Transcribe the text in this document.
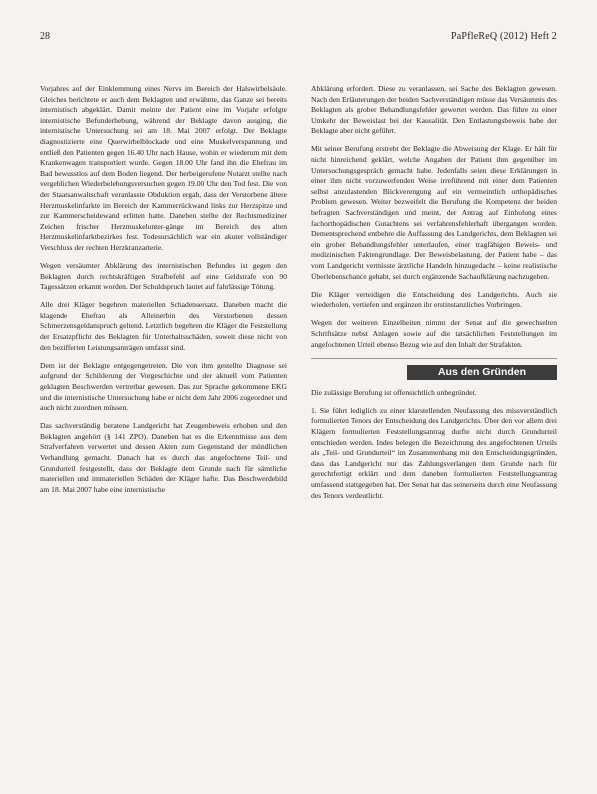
28	PaPfleReQ (2012) Heft 2

Vorjahres auf der Einklemmung eines Nervs im Bereich der Halswirbelsäule. Gleiches berichtete er auch dem Beklagten und erwähnte, das Ganze sei bereits internistisch abgeklärt. Damit meinte der Patient eine im Vorjahr erfolgte internistische Befunderhebung, während der Beklagte davon ausging, die internistische Untersuchung sei am 18. Mai 2007 erfolgt. Der Beklagte diagnostizierte eine Querwirbelblockade und eine Muskelverspannung und entließ den Patienten gegen 16.40 Uhr nach Hause, wohin er wiederum mit dem Krankenwagen transportiert wurde. Gegen 18.00 Uhr fand ihn die Ehefrau im Bad bewusstlos auf dem Boden liegend. Der herbeigerufene Notarzt stellte nach vergeblichen Wiederbelebungsversuchen gegen 19.00 Uhr den Tod fest. Die von der Staatsanwaltschaft veranlasste Obduktion ergab, dass der Verstorbene ältere Herzmuskelinfarkte im Bereich der Kammerrückwand links zur Herzspitze und zur Kammerscheidewand erlitten hatte. Daneben stellte der Rechtsmediziner Zeichen frischer Herzmuskelunter-gänge im Bereich des alten Herzmuskelinfarktbezirkes fest. Todesursächlich war ein akuter vollständiger Verschluss der rechten Herzkranzarterie.

Wegen versäumter Abklärung des internistischen Befundes ist gegen den Beklagten durch rechtskräftigen Strafbefehl auf eine Geldstrafe von 90 Tagessätzen erkannt worden. Der Schuldspruch lautet auf fahrlässige Tötung.

Alle drei Kläger begehren materiellen Schadensersatz. Daneben macht die klagende Ehefrau als Alleinerbin des Verstorbenen dessen Schmerzensgeldanspruch geltend. Letztlich begehren die Kläger die Feststellung der Ersatzpflicht des Beklagten für Unterhaltsschäden, soweit diese nicht von den bezifferten Leistungsanträgen umfasst sind.

Dem ist der Beklagte entgegengetreten. Die von ihm gestellte Diagnose sei aufgrund der Schilderung der Vorgeschichte und der aktuell vom Patienten geklagten Beschwerden vertretbar gewesen. Das zur Sprache gekommene EKG und die internistische Untersuchung habe er nicht dem Jahr 2006 zugeordnet und auch nicht zuordnen müssen.

Das sachverständig beratene Landgericht hat Zeugenbeweis erhoben und den Beklagten angehört (§ 141 ZPO). Daneben hat es die Erkenntnisse aus dem Strafverfahren verwertet und dessen Akten zum Gegenstand der mündlichen Verhandlung gemacht. Danach hat es durch das angefochtene Teil- und Grundurteil festgestellt, dass der Beklagte dem Grunde nach für sämtliche materiellen und immateriellen Schäden der Kläger hafte. Das Beschwerdebild am 18. Mai 2007 habe eine internistische

Abklärung erfordert. Diese zu veranlassen, sei Sache des Beklagten gewesen. Nach den Erläuterungen der beiden Sachverständigen müsse das Versäumnis des Beklagten als grober Behandlungsfehler gewertet werden. Das führe zu einer Umkehr der Beweislast bei der Kausalität. Den Entlastungsbeweis habe der Beklagte aber nicht geführt.

Mit seiner Berufung erstrebt der Beklagte die Abweisung der Klage. Er hält für nicht hinreichend geklärt, welche Angaben der Patient ihm gegenüber im Untersuchungsgespräch gemacht habe. Jedenfalls seien diese Erklärungen in einer ihm nicht vorzuwerfenden Weise irreführend mit einer dem Patienten selbst anzulastenden Blickverengung auf ein vermeintlich orthopädisches Problem gewesen. Weiter bezweifelt die Berufung die Kompetenz der beiden befragten Sachverständigen und meint, der Antrag auf Einholung eines fachorthopädischen Gutachtens sei verfahrensfehlerhaft übergangen worden. Dementsprechend entbehre die Auffassung des Landgerichts, dem Beklagten sei ein grober Behandlungsfehler unterlaufen, einer tragfähigen Beweis- und medizinischen Faktengrundlage. Der Beweisbelastung, der Patient habe – das vom Landgericht vermisste ärztliche Handeln hinzugedacht – keine realistische Überlebenschance gehabt, sei durch ergänzende Sachaufklärung nachzugehen.

Die Kläger verteidigen die Entscheidung des Landgerichts. Auch sie wiederholen, vertiefen und ergänzen ihr erstinstanzliches Vorbringen.

Wegen der weiteren Einzelheiten nimmt der Senat auf die gewechselten Schriftsätze nebst Anlagen sowie auf die tatsächlichen Feststellungen im angefochtenen Urteil ebenso Bezug wie auf den Inhalt der Strafakten.

Aus den Gründen

Die zulässige Berufung ist offensichtlich unbegründet.

1. Sie führt lediglich zu einer klarstellenden Neufassung des missverständlich formulierten Tenors der Entscheidung des Landgerichts. Über den vor allem drei Klägern formulierten Feststellungsantrag durfte nicht durch Grundurteil entschieden werden. Indes belegen die Bezeichnung des angefochtenen Urteils als „Teil- und Grundurteil“ im Zusammenhang mit den Entscheidungsgründen, dass das Landgericht nur das Zahlungsverlangen dem Grunde nach für gerechtfertigt erklärt und dem daneben formulierten Feststellungsantrag umfassend stattgegeben hat. Der Senat hat das seinerseits durch eine Neufassung des Tenors verdeutlicht.
